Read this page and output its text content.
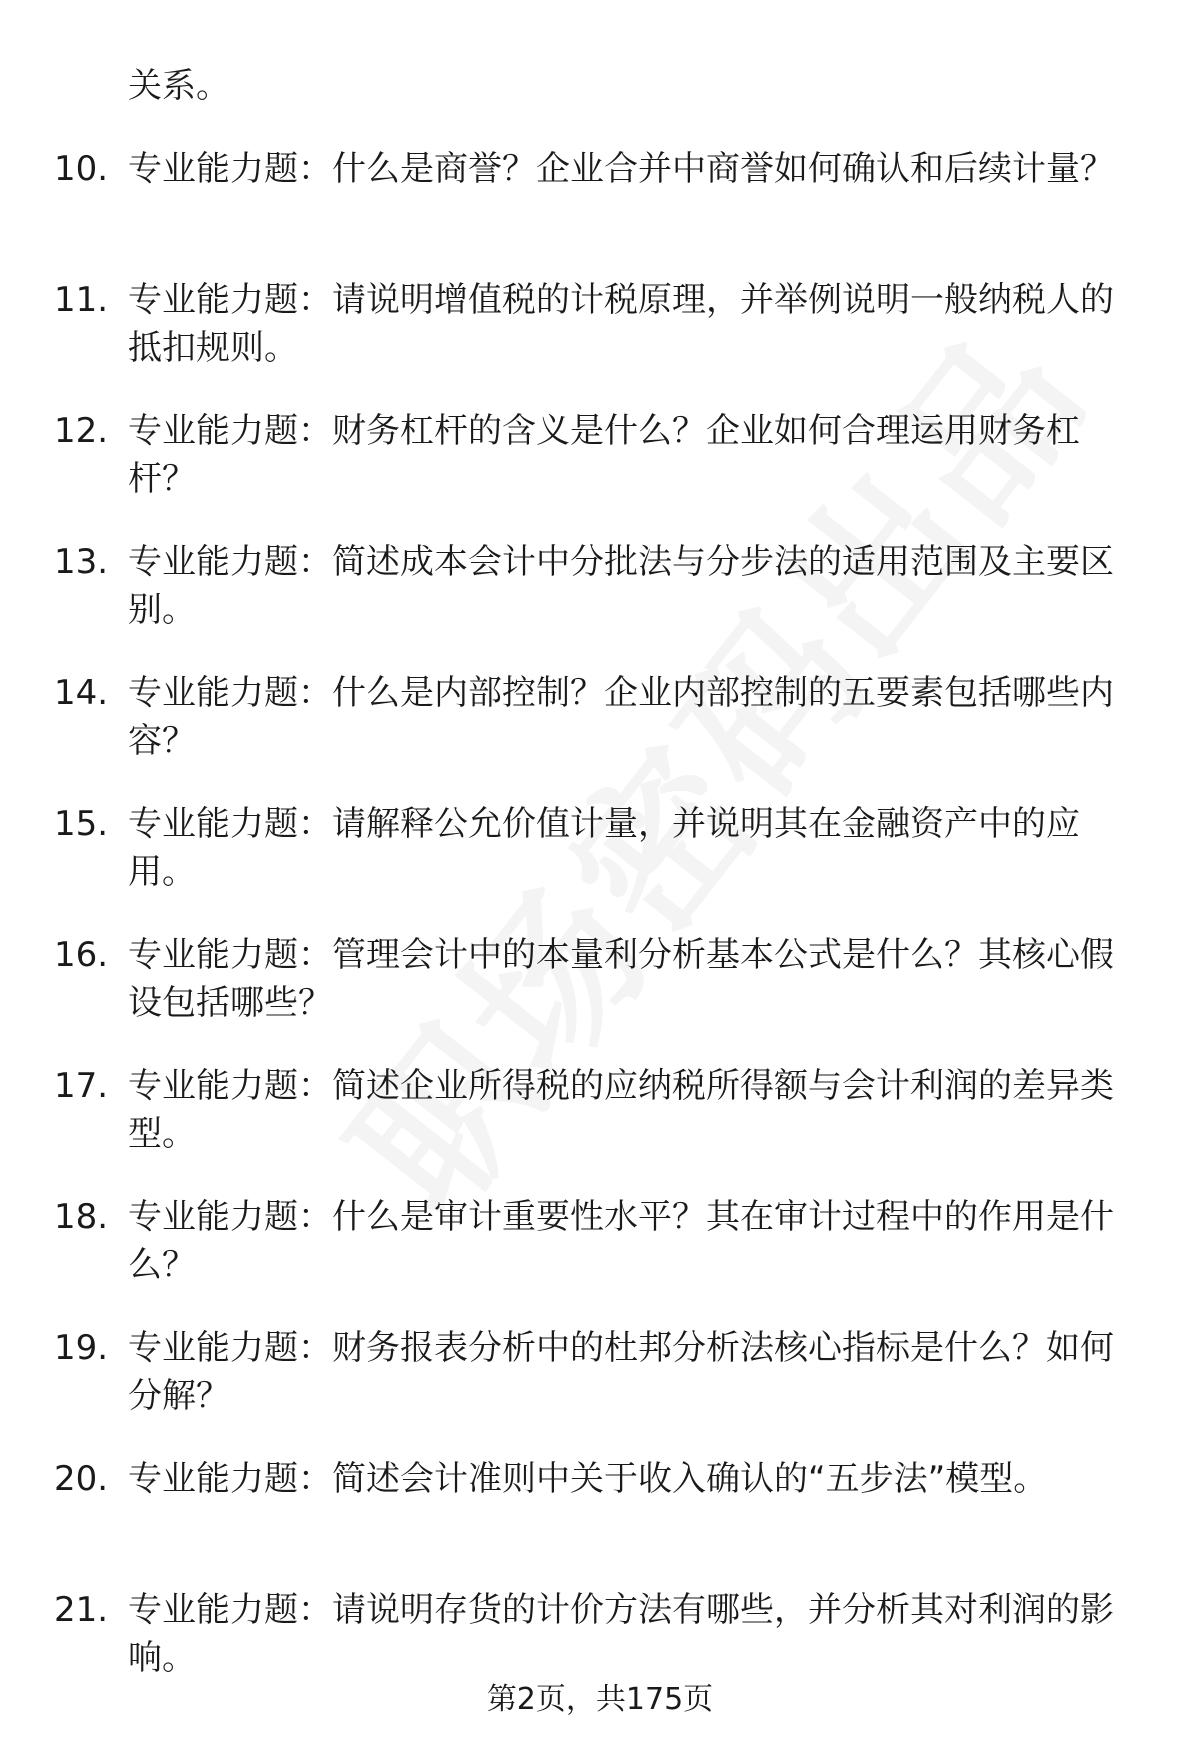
关系。
10. 专业能力题：什么是商誉？企业合并中商誉如何确认和后续计量？
11. 专业能力题：请说明增值税的计税原理，并举例说明一般纳税人的抵扣规则。
12. 专业能力题：财务杠杆的含义是什么？企业如何合理运用财务杠杆？
13. 专业能力题：简述成本会计中分批法与分步法的适用范围及主要区别。
14. 专业能力题：什么是内部控制？企业内部控制的五要素包括哪些内容？
15. 专业能力题：请解释公允价值计量，并说明其在金融资产中的应用。
16. 专业能力题：管理会计中的本量利分析基本公式是什么？其核心假设包括哪些？
17. 专业能力题：简述企业所得税的应纳税所得额与会计利润的差异类型。
18. 专业能力题：什么是审计重要性水平？其在审计过程中的作用是什么？
19. 专业能力题：财务报表分析中的杜邦分析法核心指标是什么？如何分解？
20. 专业能力题：简述会计准则中关于收入确认的“五步法”模型。
21. 专业能力题：请说明存货的计价方法有哪些，并分析其对利润的影响。
第2页，共175页
